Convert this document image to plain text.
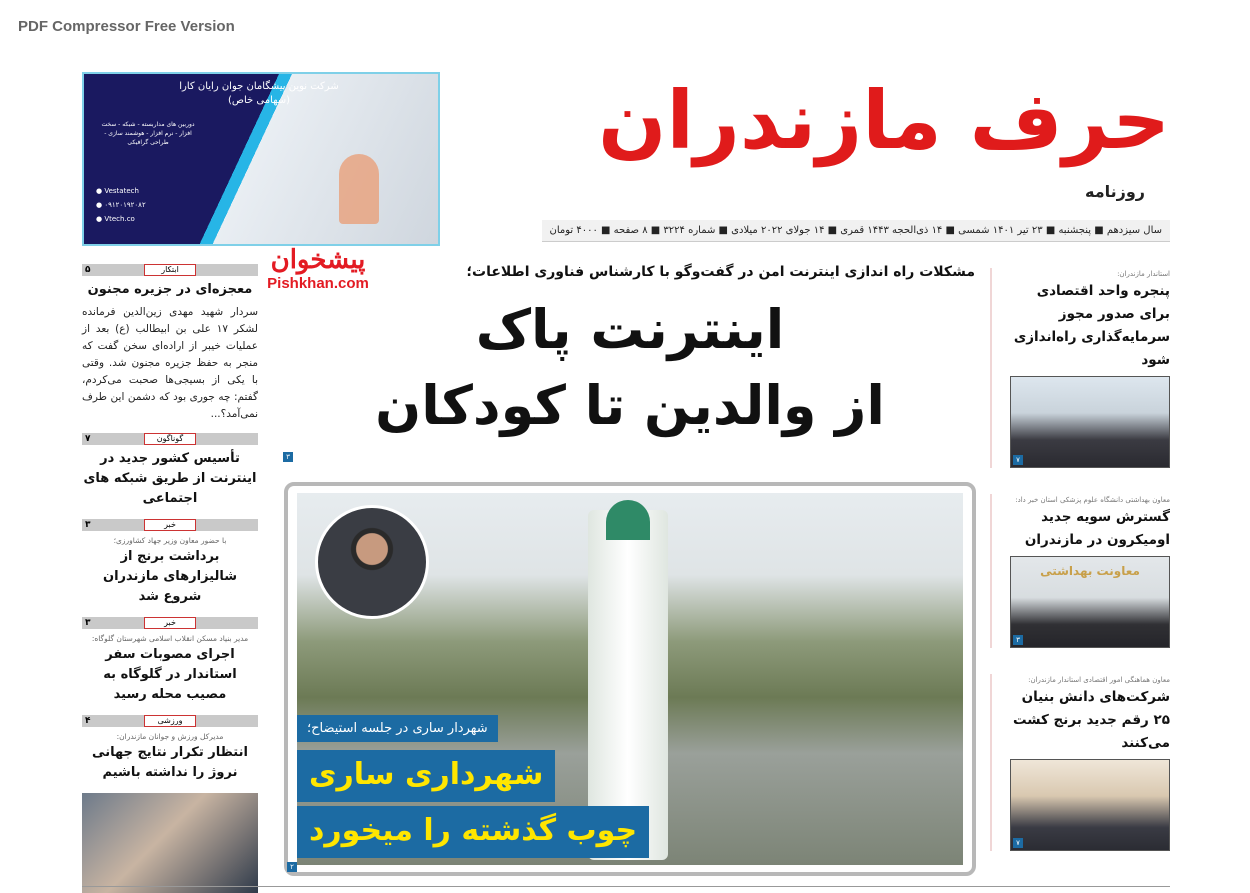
PDF Compressor Free Version
شرکت نوین پیشگامان جوان رایان کارا
(سهامی خاص)
دوربین های مداربسته - شبکه - سخت افزار - نرم افزار - هوشمند سازی - طراحی گرافیکی
● Vestatech
● ۰۹۱۲۰۱۹۲۰۸۲
● Vtech.co
حرف مازندران
روزنامه
سال سیزدهم ■ پنجشنبه ■ ۲۳ تیر ۱۴۰۱ شمسی ■ ۱۴ ذی‌الحجه ۱۴۴۳ قمری ■ ۱۴ جولای ۲۰۲۲ میلادی ■ شماره ۳۲۲۴ ■ ۸ صفحه ■ ۴۰۰۰ تومان
پیشخوان
Pishkhan.com
مشکلات راه اندازی اینترنت امن در گفت‌وگو با کارشناس فناوری اطلاعات؛
اینترنت پاک
از والدین تا کودکان
۳
شهردار ساری در جلسه استیضاح؛
شهرداری ساری
چوب گذشته را میخورد
۲
ابتکار
۵
معجزه‌ای در جزیره مجنون
سردار شهید مهدی زین‌الدین فرمانده لشکر ۱۷ علی بن ابیطالب (ع) بعد از عملیات خیبر از اراده‌ای سخن گفت که منجر به حفظ جزیره مجنون شد. وقتی با یکی از بسیجی‌ها صحبت می‌کردم، گفتم: چه جوری بود که دشمن این طرف نمی‌آمد؟...
گوناگون
۷
تأسیس کشور جدید در اینترنت از طریق شبکه های اجتماعی
خبر
۳
با حضور معاون وزیر جهاد کشاورزی؛
برداشت برنج از شالیزارهای مازندران شروع شد
خبر
۳
مدیر بنیاد مسکن انقلاب اسلامی شهرستان گلوگاه:
اجرای مصوبات سفر استاندار در گلوگاه به مصیب محله رسید
ورزشی
۴
مدیرکل ورزش و جوانان مازندران:
انتظار تکرار نتایج جهانی نروژ را نداشته باشیم
استاندار مازندران:
پنجره واحد اقتصادی برای صدور مجوز سرمایه‌گذاری راه‌اندازی شود
۷
معاون بهداشتی دانشگاه علوم پزشکی استان خبر داد:
گسترش سویه جدید اومیکرون در مازندران
معاونت بهداشتی
۳
معاون هماهنگی امور اقتصادی استاندار مازندران:
شرکت‌های دانش بنیان ۲۵ رقم جدید برنج کشت می‌کنند
۷
